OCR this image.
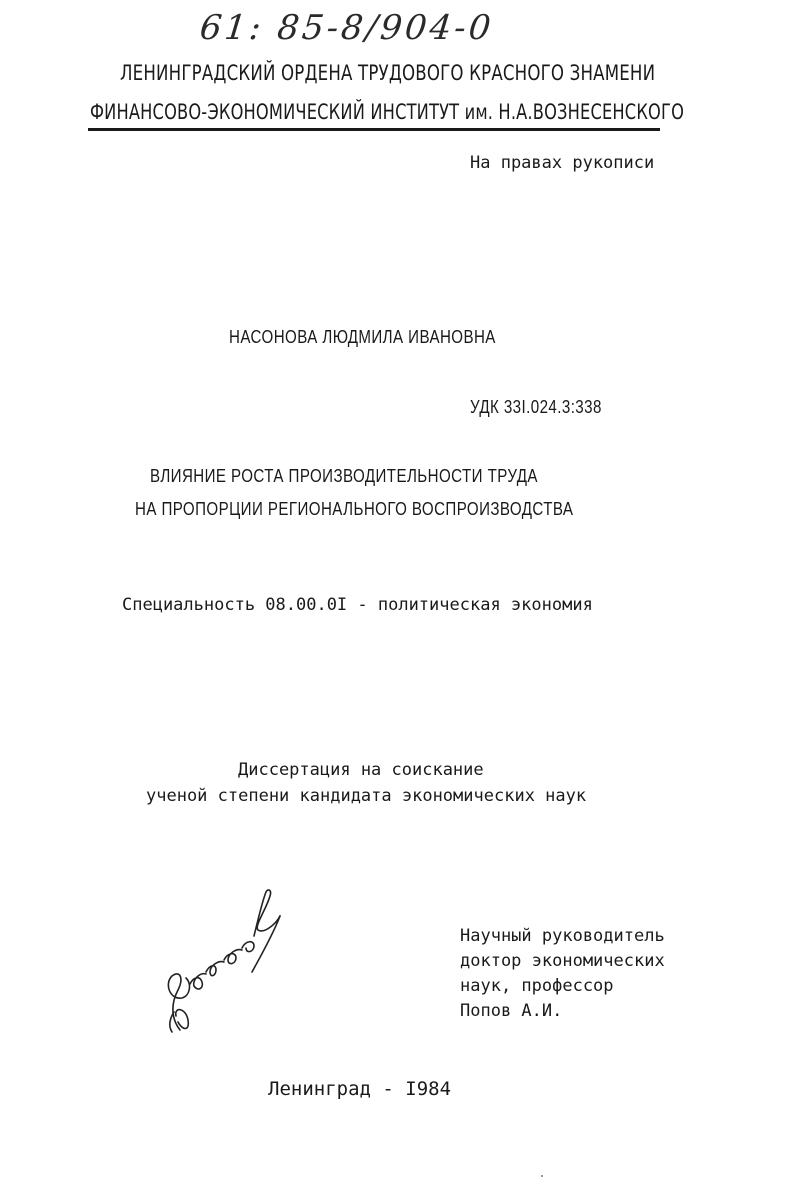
61: 85-8/904-0
ЛЕНИНГРАДСКИЙ ОРДЕНА ТРУДОВОГО КРАСНОГО ЗНАМЕНИ
ФИНАНСОВО-ЭКОНОМИЧЕСКИЙ ИНСТИТУТ им. Н.А.ВОЗНЕСЕНСКОГО
На правах рукописи
НАСОНОВА ЛЮДМИЛА ИВАНОВНА
УДК 33I.024.3:338
ВЛИЯНИЕ РОСТА ПРОИЗВОДИТЕЛЬНОСТИ ТРУДА
НА ПРОПОРЦИИ РЕГИОНАЛЬНОГО ВОСПРОИЗВОДСТВА
Специальность 08.00.0I - политическая экономия
Диссертация на соискание
ученой степени кандидата экономических наук
Научный руководитель
доктор экономических
наук, профессор
Попов А.И.
Ленинград - I984
